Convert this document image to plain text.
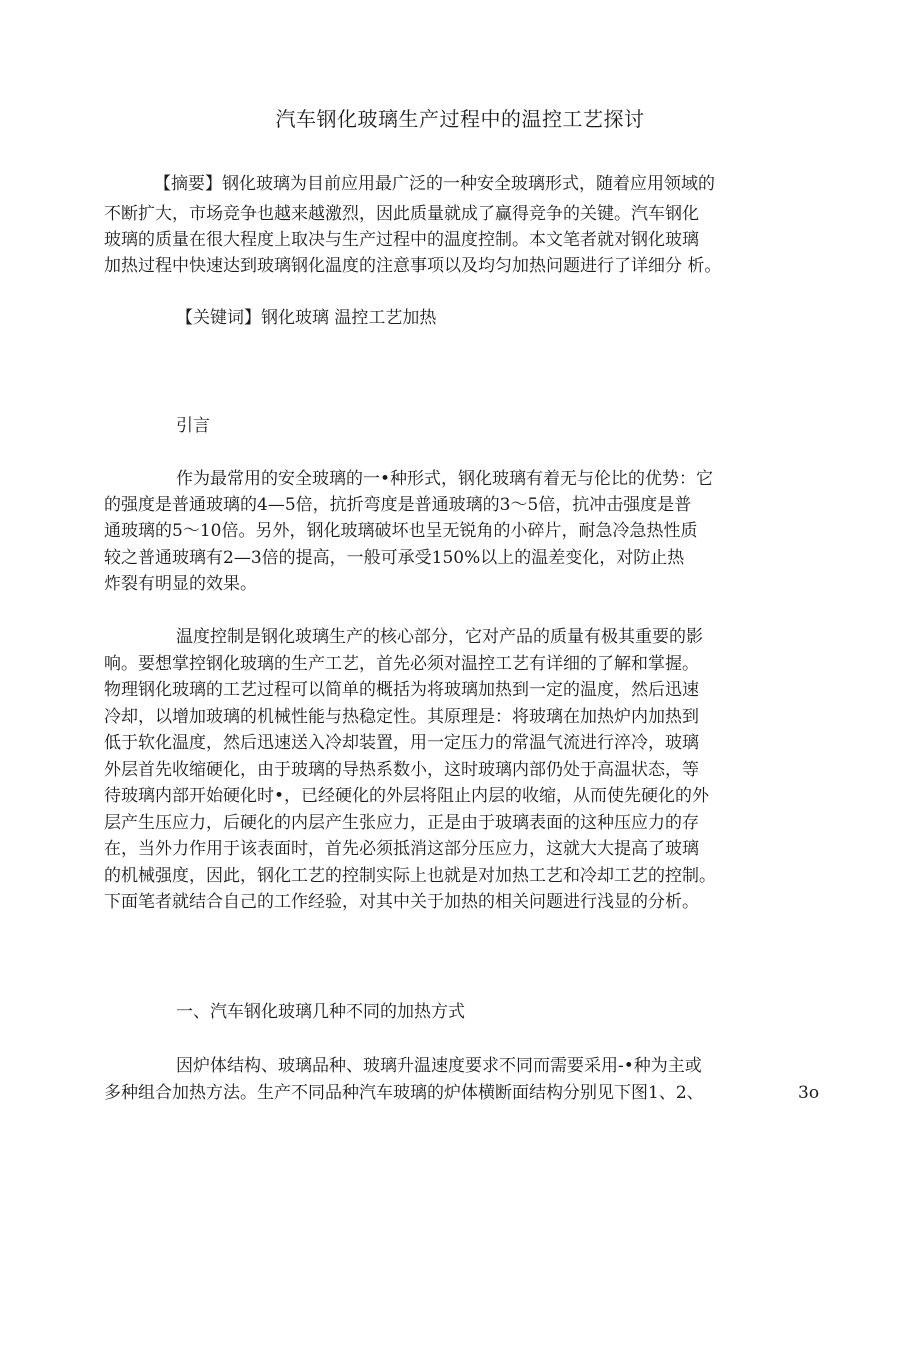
汽车钢化玻璃生产过程中的温控工艺探讨
【摘要】钢化玻璃为目前应用最广泛的一种安全玻璃形式，随着应用领域的
不断扩大，市场竞争也越来越激烈，因此质量就成了赢得竞争的关键。汽车钢化
玻璃的质量在很大程度上取决与生产过程中的温度控制。本文笔者就对钢化玻璃
加热过程中快速达到玻璃钢化温度的注意事项以及均匀加热问题进行了详细分 析。
【关键词】钢化玻璃 温控工艺加热
引言
作为最常用的安全玻璃的一•种形式，钢化玻璃有着无与伦比的优势：它
的强度是普通玻璃的4—5倍，抗折弯度是普通玻璃的3〜5倍，抗冲击强度是普
通玻璃的5〜10倍。另外，钢化玻璃破坏也呈无锐角的小碎片，耐急冷急热性质
较之普通玻璃有2—3倍的提高，一般可承受150%以上的温差变化，对防止热
炸裂有明显的效果。
温度控制是钢化玻璃生产的核心部分，它对产品的质量有极其重要的影
响。要想掌控钢化玻璃的生产工艺，首先必须对温控工艺有详细的了解和掌握。
物理钢化玻璃的工艺过程可以简单的概括为将玻璃加热到一定的温度，然后迅速
冷却，以增加玻璃的机械性能与热稳定性。其原理是：将玻璃在加热炉内加热到
低于软化温度，然后迅速送入冷却装置，用一定压力的常温气流进行淬冷，玻璃
外层首先收缩硬化，由于玻璃的导热系数小，这时玻璃内部仍处于高温状态，等
待玻璃内部开始硬化时•，已经硬化的外层将阻止内层的收缩，从而使先硬化的外
层产生压应力，后硬化的内层产生张应力，正是由于玻璃表面的这种压应力的存
在，当外力作用于该表面时，首先必须抵消这部分压应力，这就大大提高了玻璃
的机械强度，因此，钢化工艺的控制实际上也就是对加热工艺和冷却工艺的控制。
下面笔者就结合自己的工作经验，对其中关于加热的相关问题进行浅显的分析。
一、汽车钢化玻璃几种不同的加热方式
因炉体结构、玻璃品种、玻璃升温速度要求不同而需要采用-•种为主或
多种组合加热方法。生产不同品种汽车玻璃的炉体横断面结构分别见下图1、2、	3o
